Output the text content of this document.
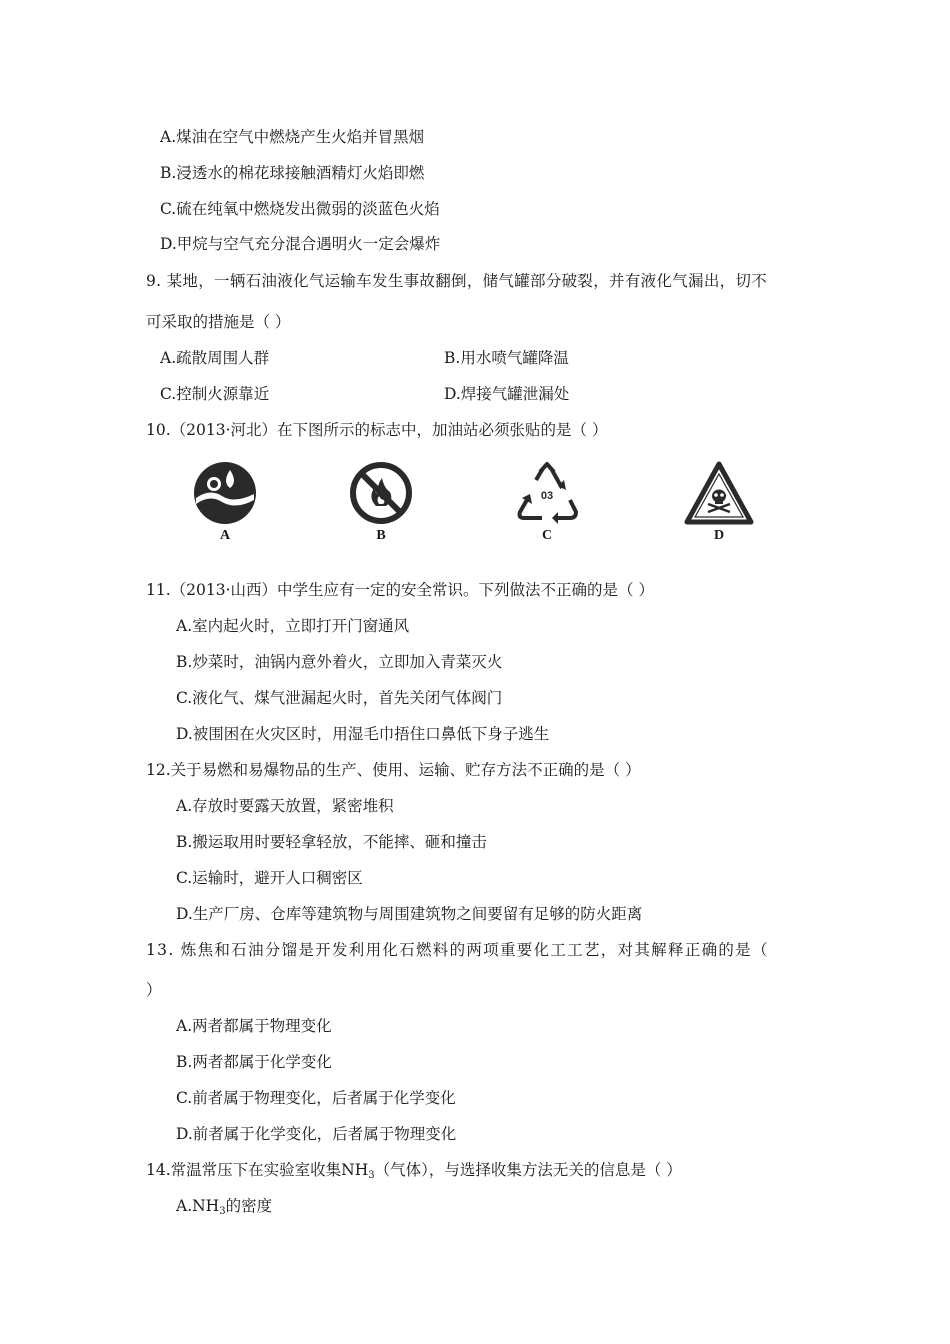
A.煤油在空气中燃烧产生火焰并冒黑烟
B.浸透水的棉花球接触酒精灯火焰即燃
C.硫在纯氧中燃烧发出微弱的淡蓝色火焰
D.甲烷与空气充分混合遇明火一定会爆炸
9. 某地，一辆石油液化气运输车发生事故翻倒，储气罐部分破裂，并有液化气漏出，切不
可采取的措施是（ ）
A.疏散周围人群	B.用水喷气罐降温
C.控制火源靠近	D.焊接气罐泄漏处
10.（2013·河北）在下图所示的标志中，加油站必须张贴的是（ ）
A	B
03
C	D
11.（2013·山西）中学生应有一定的安全常识。下列做法不正确的是（ ）
A.室内起火时，立即打开门窗通风
B.炒菜时，油锅内意外着火，立即加入青菜灭火
C.液化气、煤气泄漏起火时，首先关闭气体阀门
D.被围困在火灾区时，用湿毛巾捂住口鼻低下身子逃生
12.关于易燃和易爆物品的生产、使用、运输、贮存方法不正确的是（ ）
A.存放时要露天放置，紧密堆积
B.搬运取用时要轻拿轻放，不能摔、砸和撞击
C.运输时，避开人口稠密区
D.生产厂房、仓库等建筑物与周围建筑物之间要留有足够的防火距离
13. 炼焦和石油分馏是开发利用化石燃料的两项重要化工工艺，对其解释正确的是（
）
A.两者都属于物理变化
B.两者都属于化学变化
C.前者属于物理变化，后者属于化学变化
D.前者属于化学变化，后者属于物理变化
14.常温常压下在实验室收集$NH_3$（气体），与选择收集方法无关的信息是（ ）
$A.NH_3$的密度
